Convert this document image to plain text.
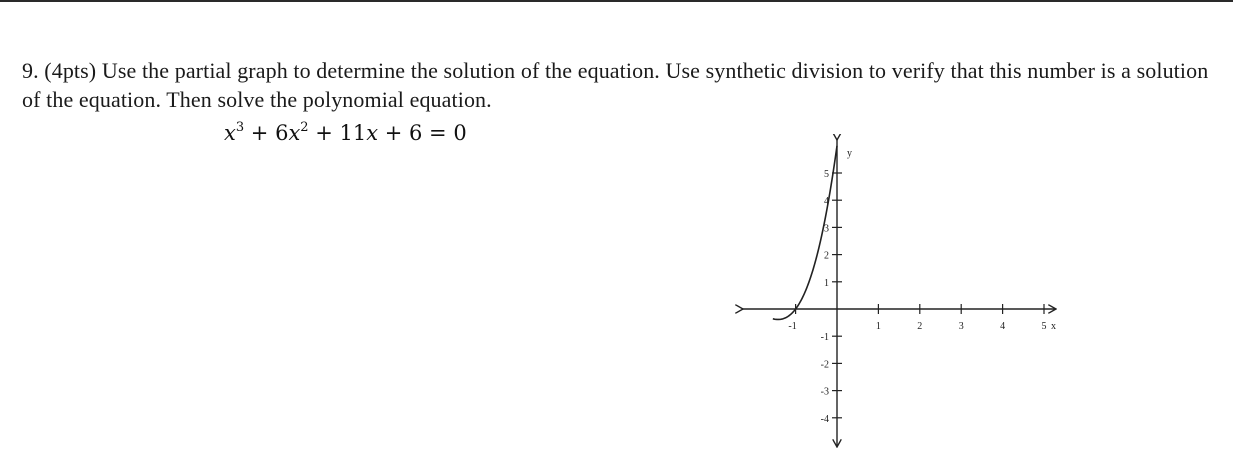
9. (4pts) Use the partial graph to determine the solution of the equation. Use synthetic division to verify that this number is a solution of the equation. Then solve the polynomial equation.

$x^3 + 6x^2 + 11x + 6 = 0$
-1	1	2	3	4	5
5
4
3
2
1
-1
-2
-3
-4
x
y
